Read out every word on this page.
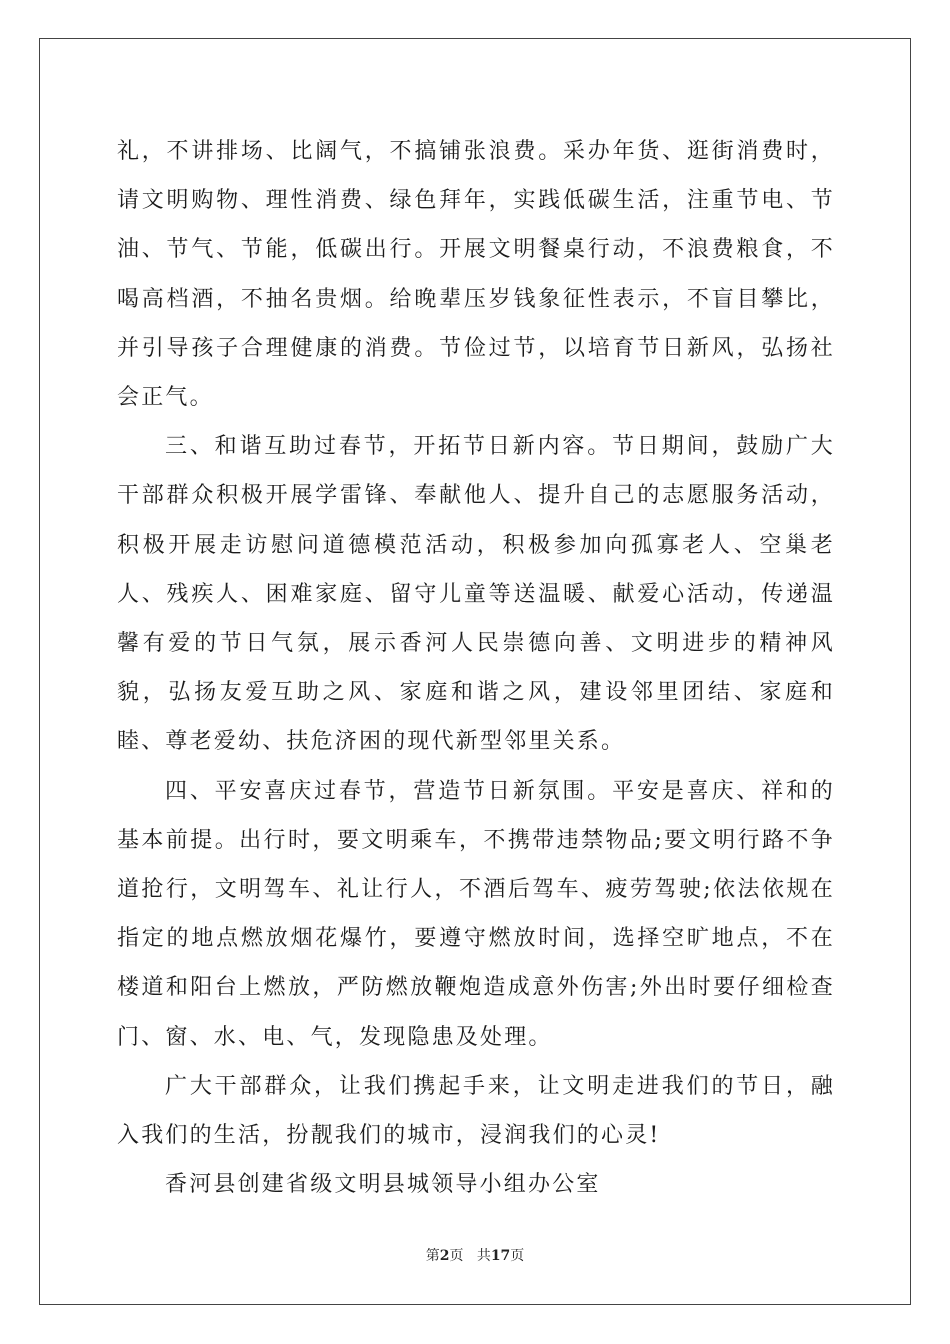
礼，不讲排场、比阔气，不搞铺张浪费。采办年货、逛街消费时，请文明购物、理性消费、绿色拜年，实践低碳生活，注重节电、节油、节气、节能，低碳出行。开展文明餐桌行动，不浪费粮食，不喝高档酒，不抽名贵烟。给晚辈压岁钱象征性表示，不盲目攀比，并引导孩子合理健康的消费。节俭过节，以培育节日新风，弘扬社会正气。

三、和谐互助过春节，开拓节日新内容。节日期间，鼓励广大干部群众积极开展学雷锋、奉献他人、提升自己的志愿服务活动，积极开展走访慰问道德模范活动，积极参加向孤寡老人、空巢老人、残疾人、困难家庭、留守儿童等送温暖、献爱心活动，传递温馨有爱的节日气氛，展示香河人民崇德向善、文明进步的精神风貌，弘扬友爱互助之风、家庭和谐之风，建设邻里团结、家庭和睦、尊老爱幼、扶危济困的现代新型邻里关系。

四、平安喜庆过春节，营造节日新氛围。平安是喜庆、祥和的基本前提。出行时，要文明乘车，不携带违禁物品;要文明行路不争道抢行，文明驾车、礼让行人，不酒后驾车、疲劳驾驶;依法依规在指定的地点燃放烟花爆竹，要遵守燃放时间，选择空旷地点，不在楼道和阳台上燃放，严防燃放鞭炮造成意外伤害;外出时要仔细检查门、窗、水、电、气，发现隐患及处理。

广大干部群众，让我们携起手来，让文明走进我们的节日，融入我们的生活，扮靓我们的城市，浸润我们的心灵!

香河县创建省级文明县城领导小组办公室

第2页 共17页
